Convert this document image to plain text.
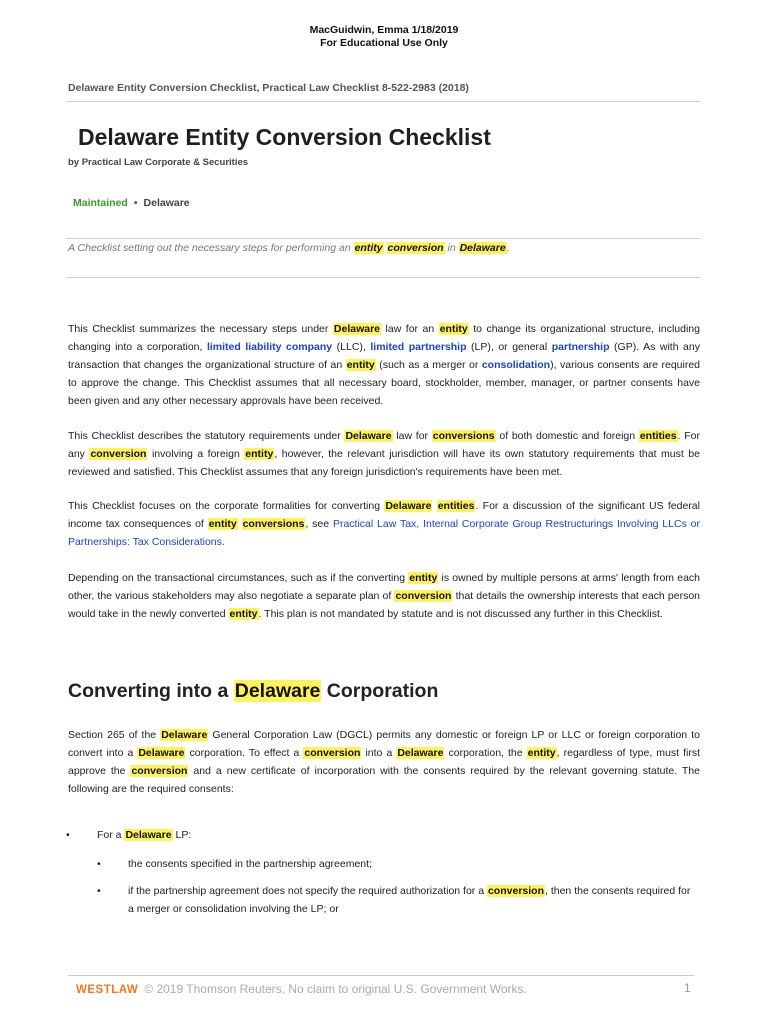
MacGuidwin, Emma 1/18/2019
For Educational Use Only
Delaware Entity Conversion Checklist, Practical Law Checklist 8-522-2983 (2018)
Delaware Entity Conversion Checklist
by Practical Law Corporate & Securities
Maintained • Delaware
A Checklist setting out the necessary steps for performing an entity conversion in Delaware.
This Checklist summarizes the necessary steps under Delaware law for an entity to change its organizational structure, including changing into a corporation, limited liability company (LLC), limited partnership (LP), or general partnership (GP). As with any transaction that changes the organizational structure of an entity (such as a merger or consolidation), various consents are required to approve the change. This Checklist assumes that all necessary board, stockholder, member, manager, or partner consents have been given and any other necessary approvals have been received.
This Checklist describes the statutory requirements under Delaware law for conversions of both domestic and foreign entities. For any conversion involving a foreign entity, however, the relevant jurisdiction will have its own statutory requirements that must be reviewed and satisfied. This Checklist assumes that any foreign jurisdiction's requirements have been met.
This Checklist focuses on the corporate formalities for converting Delaware entities. For a discussion of the significant US federal income tax consequences of entity conversions, see Practical Law Tax, Internal Corporate Group Restructurings Involving LLCs or Partnerships: Tax Considerations.
Depending on the transactional circumstances, such as if the converting entity is owned by multiple persons at arms' length from each other, the various stakeholders may also negotiate a separate plan of conversion that details the ownership interests that each person would take in the newly converted entity. This plan is not mandated by statute and is not discussed any further in this Checklist.
Converting into a Delaware Corporation
Section 265 of the Delaware General Corporation Law (DGCL) permits any domestic or foreign LP or LLC or foreign corporation to convert into a Delaware corporation. To effect a conversion into a Delaware corporation, the entity, regardless of type, must first approve the conversion and a new certificate of incorporation with the consents required by the relevant governing statute. The following are the required consents:
•	For a Delaware LP:
•	the consents specified in the partnership agreement;
•	if the partnership agreement does not specify the required authorization for a conversion, then the consents required for a merger or consolidation involving the LP; or
WESTLAW © 2019 Thomson Reuters. No claim to original U.S. Government Works.	1
